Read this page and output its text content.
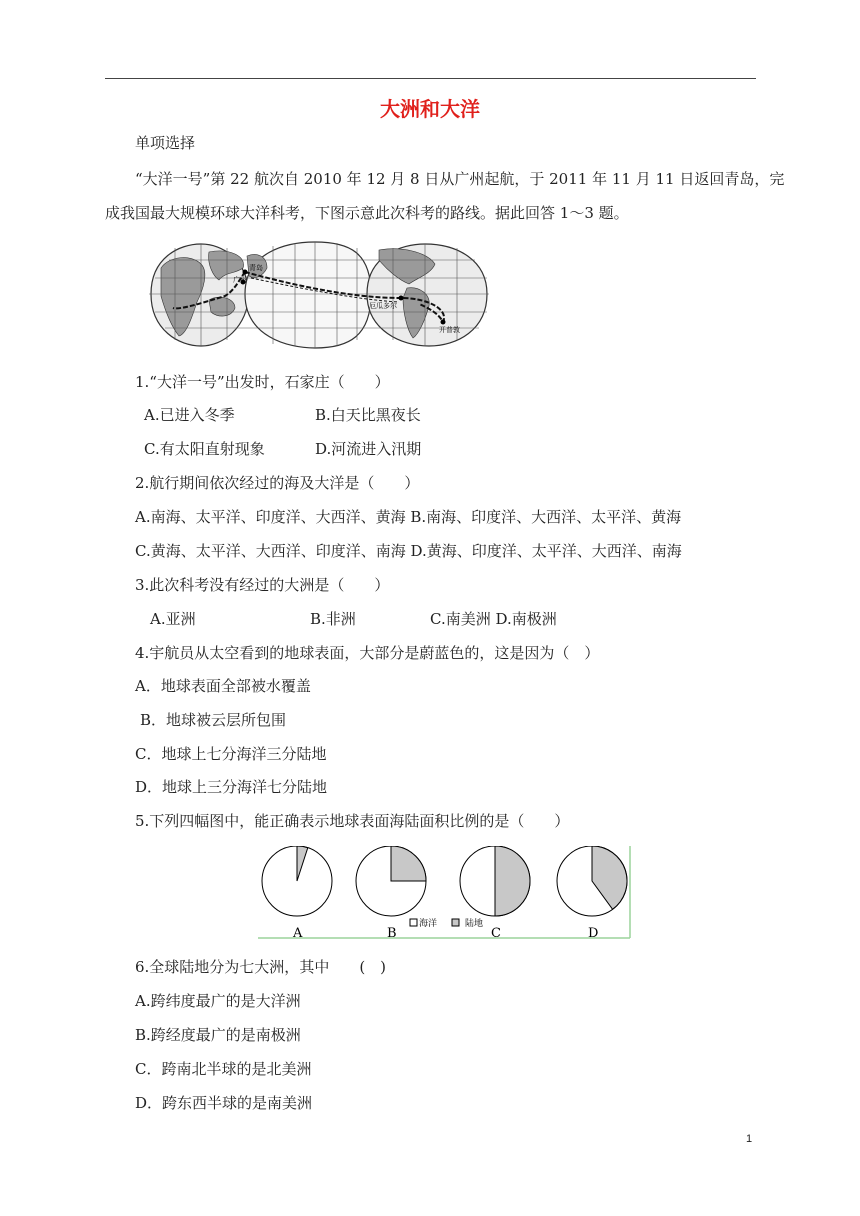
大洲和大洋
单项选择
“大洋一号”第 22 航次自 2010 年 12 月 8 日从广州起航，于 2011 年 11 月 11 日返回青岛，完
成我国最大规模环球大洋科考，下图示意此次科考的路线。据此回答 1～3 题。
青岛
广州
厄瓜多尔
开普敦
1.“大洋一号”出发时，石家庄（　　）
A.已进入冬季	B.白天比黑夜长
C.有太阳直射现象	D.河流进入汛期
2.航行期间依次经过的海及大洋是（　　）
A.南海、太平洋、印度洋、大西洋、黄海 B.南海、印度洋、大西洋、太平洋、黄海
C.黄海、太平洋、大西洋、印度洋、南海 D.黄海、印度洋、太平洋、大西洋、南海
3.此次科考没有经过的大洲是（　　）
A.亚洲	B.非洲	C.南美洲 D.南极洲
4.宇航员从太空看到的地球表面，大部分是蔚蓝色的，这是因为（　）
A．地球表面全部被水覆盖
B．地球被云层所包围
C．地球上七分海洋三分陆地
D．地球上三分海洋七分陆地
5.下列四幅图中，能正确表示地球表面海陆面积比例的是（　　）
A	B	C	D
海洋	陆地
6.全球陆地分为七大洲，其中　　(　)
A.跨纬度最广的是大洋洲
B.跨经度最广的是南极洲
C．跨南北半球的是北美洲
D．跨东西半球的是南美洲
1
